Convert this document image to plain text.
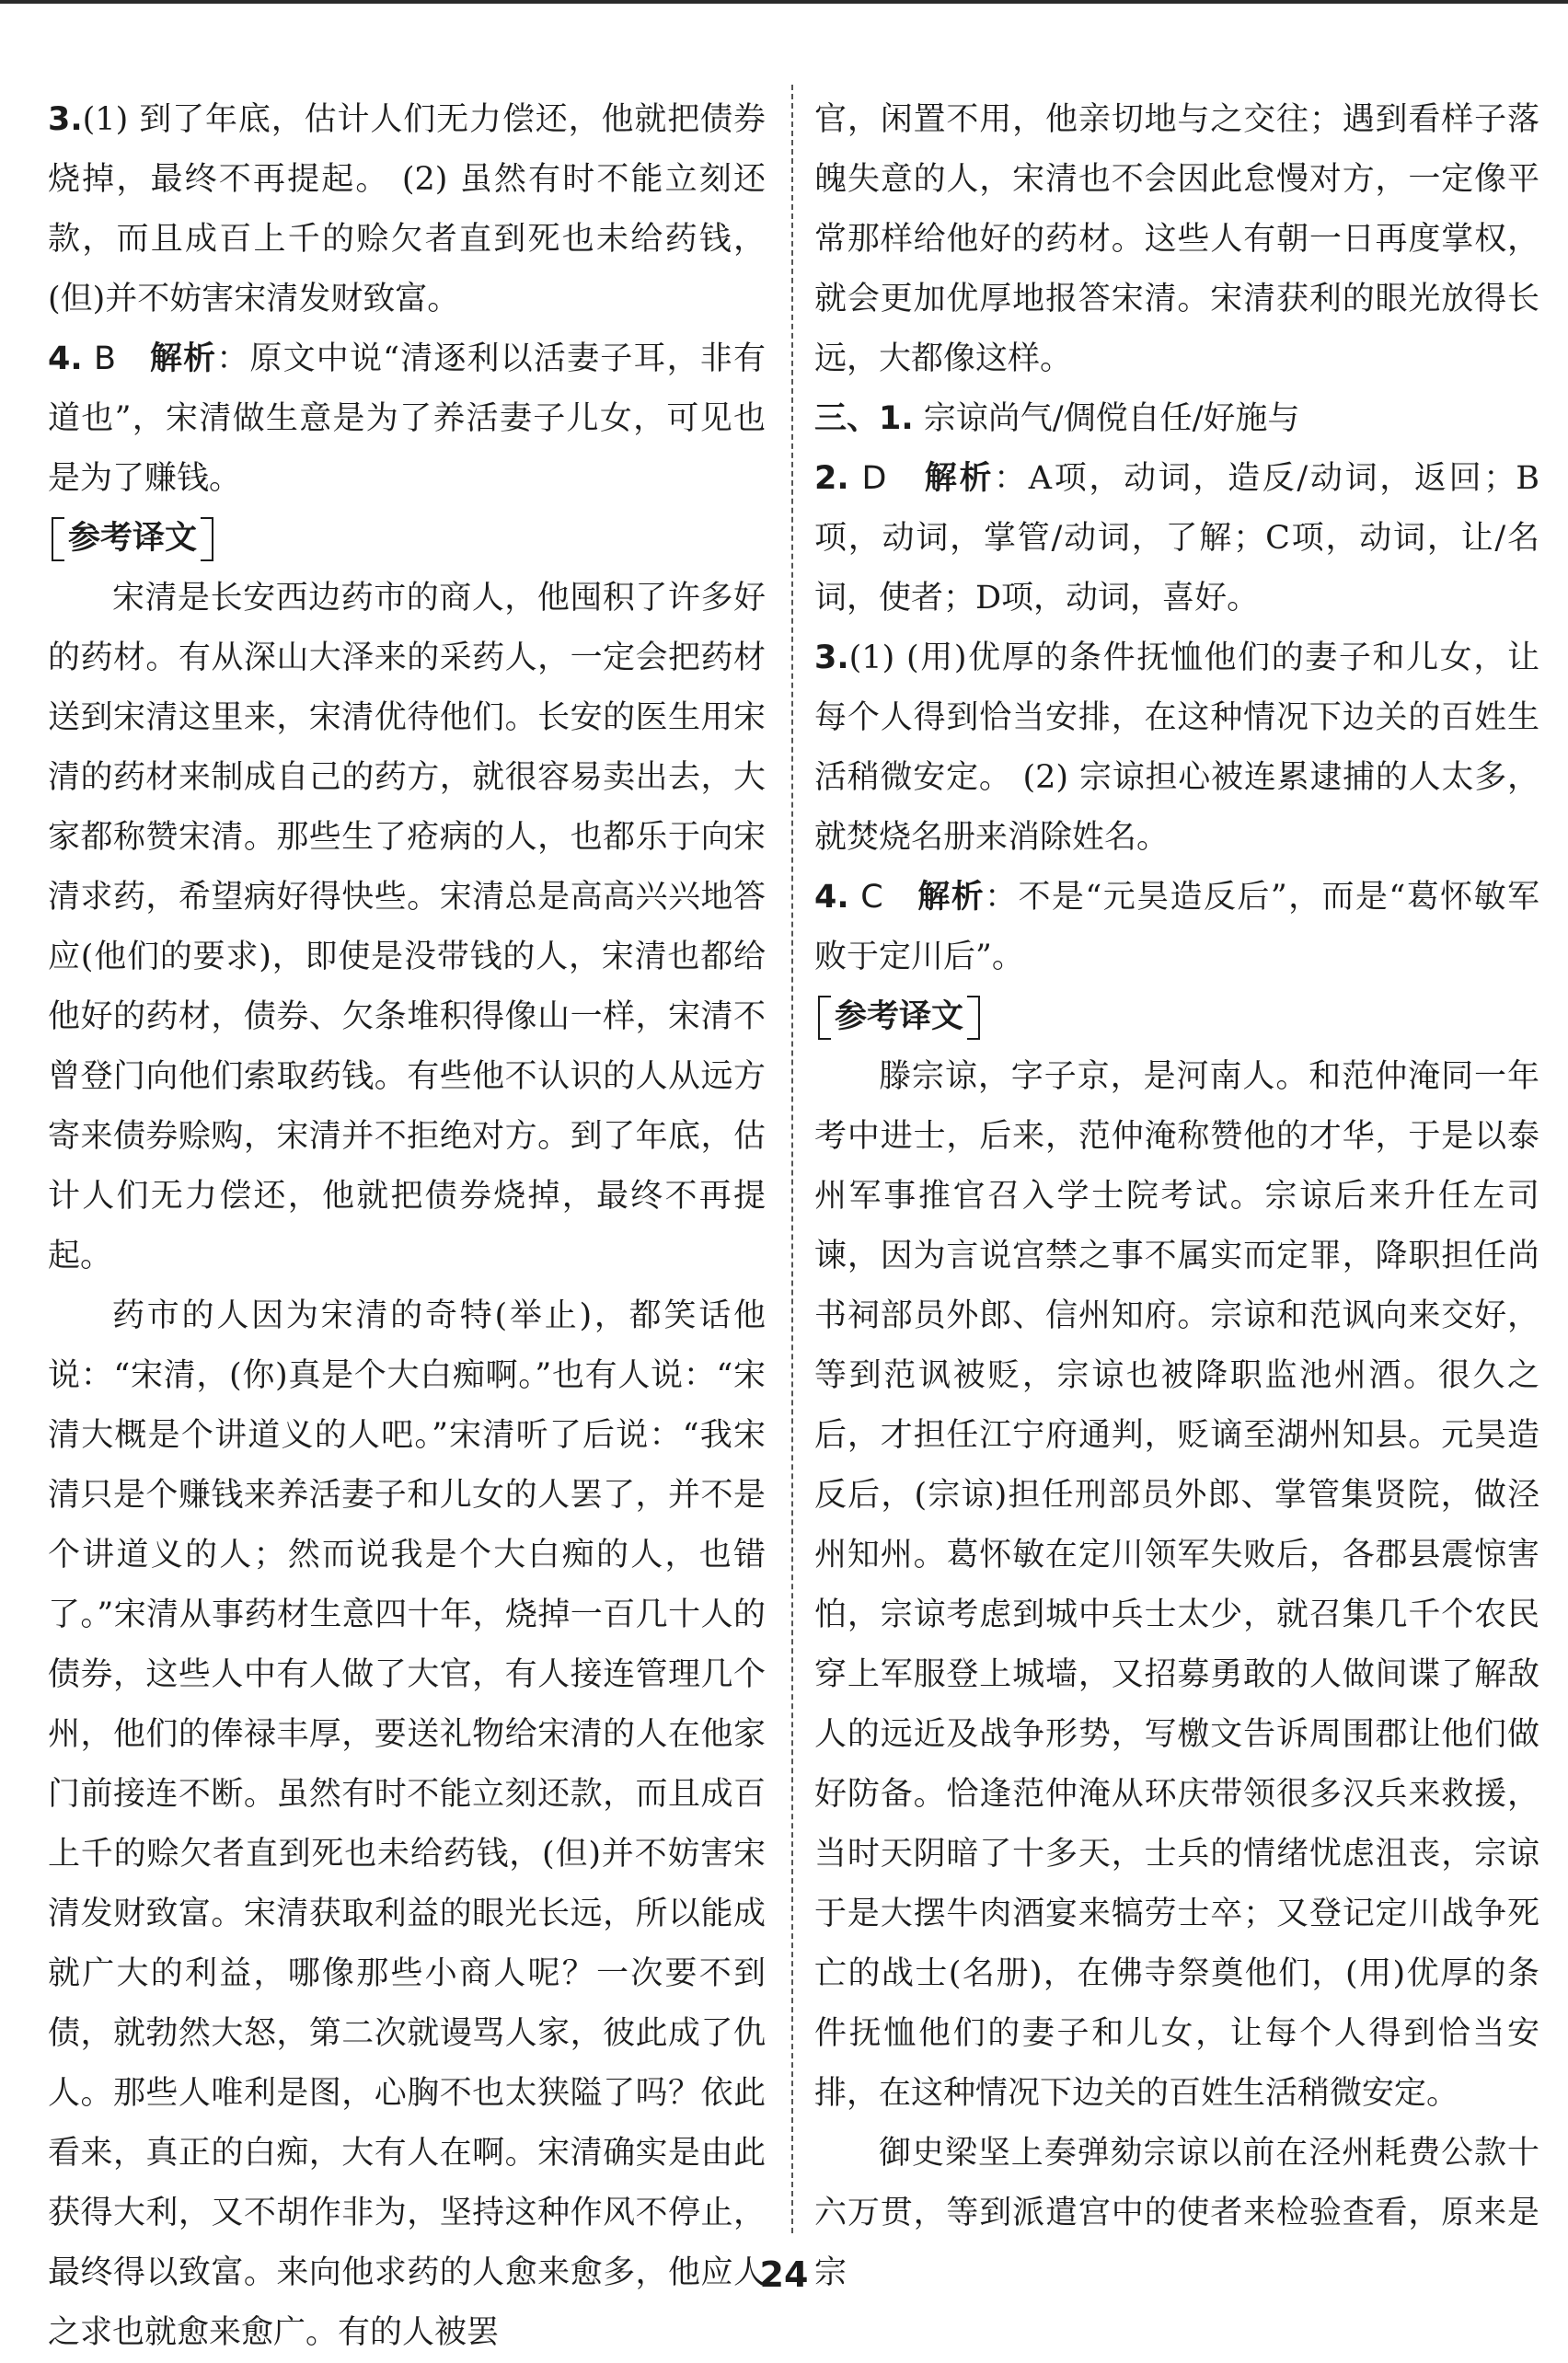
3.(1) 到了年底，估计人们无力偿还，他就把债券烧掉，最终不再提起。 (2) 虽然有时不能立刻还款，而且成百上千的赊欠者直到死也未给药钱，(但)并不妨害宋清发财致富。

4. B 解析：原文中说“清逐利以活妻子耳，非有道也”，宋清做生意是为了养活妻子儿女，可见也是为了赚钱。

参考译文

宋清是长安西边药市的商人，他囤积了许多好的药材。有从深山大泽来的采药人，一定会把药材送到宋清这里来，宋清优待他们。长安的医生用宋清的药材来制成自己的药方，就很容易卖出去，大家都称赞宋清。那些生了疮病的人，也都乐于向宋清求药，希望病好得快些。宋清总是高高兴兴地答应(他们的要求)，即使是没带钱的人，宋清也都给他好的药材，债券、欠条堆积得像山一样，宋清不曾登门向他们索取药钱。有些他不认识的人从远方寄来债券赊购，宋清并不拒绝对方。到了年底，估计人们无力偿还，他就把债券烧掉，最终不再提起。

药市的人因为宋清的奇特(举止)，都笑话他说：“宋清，(你)真是个大白痴啊。”也有人说：“宋清大概是个讲道义的人吧。”宋清听了后说：“我宋清只是个赚钱来养活妻子和儿女的人罢了，并不是个讲道义的人；然而说我是个大白痴的人，也错了。”宋清从事药材生意四十年，烧掉一百几十人的债券，这些人中有人做了大官，有人接连管理几个州，他们的俸禄丰厚，要送礼物给宋清的人在他家门前接连不断。虽然有时不能立刻还款，而且成百上千的赊欠者直到死也未给药钱，(但)并不妨害宋清发财致富。宋清获取利益的眼光长远，所以能成就广大的利益，哪像那些小商人呢？一次要不到债，就勃然大怒，第二次就谩骂人家，彼此成了仇人。那些人唯利是图，心胸不也太狭隘了吗？依此看来，真正的白痴，大有人在啊。宋清确实是由此获得大利，又不胡作非为，坚持这种作风不停止，最终得以致富。来向他求药的人愈来愈多，他应人之求也就愈来愈广。有的人被罢

官，闲置不用，他亲切地与之交往；遇到看样子落魄失意的人，宋清也不会因此怠慢对方，一定像平常那样给他好的药材。这些人有朝一日再度掌权，就会更加优厚地报答宋清。宋清获利的眼光放得长远，大都像这样。

三、1. 宗谅尚气/倜傥自任/好施与

2. D 解析：A项，动词，造反/动词，返回；B项，动词，掌管/动词，了解；C项，动词，让/名词，使者；D项，动词，喜好。

3.(1) (用)优厚的条件抚恤他们的妻子和儿女，让每个人得到恰当安排，在这种情况下边关的百姓生活稍微安定。 (2) 宗谅担心被连累逮捕的人太多，就焚烧名册来消除姓名。

4. C 解析：不是“元昊造反后”，而是“葛怀敏军败于定川后”。

参考译文

滕宗谅，字子京，是河南人。和范仲淹同一年考中进士，后来，范仲淹称赞他的才华，于是以泰州军事推官召入学士院考试。宗谅后来升任左司谏，因为言说宫禁之事不属实而定罪，降职担任尚书祠部员外郎、信州知府。宗谅和范讽向来交好，等到范讽被贬，宗谅也被降职监池州酒。很久之后，才担任江宁府通判，贬谪至湖州知县。元昊造反后，(宗谅)担任刑部员外郎、掌管集贤院，做泾州知州。葛怀敏在定川领军失败后，各郡县震惊害怕，宗谅考虑到城中兵士太少，就召集几千个农民穿上军服登上城墙，又招募勇敢的人做间谍了解敌人的远近及战争形势，写檄文告诉周围郡让他们做好防备。恰逢范仲淹从环庆带领很多汉兵来救援，当时天阴暗了十多天，士兵的情绪忧虑沮丧，宗谅于是大摆牛肉酒宴来犒劳士卒；又登记定川战争死亡的战士(名册)，在佛寺祭奠他们，(用)优厚的条件抚恤他们的妻子和儿女，让每个人得到恰当安排，在这种情况下边关的百姓生活稍微安定。

御史梁坚上奏弹劾宗谅以前在泾州耗费公款十六万贯，等到派遣宫中的使者来检验查看，原来是宗

24
